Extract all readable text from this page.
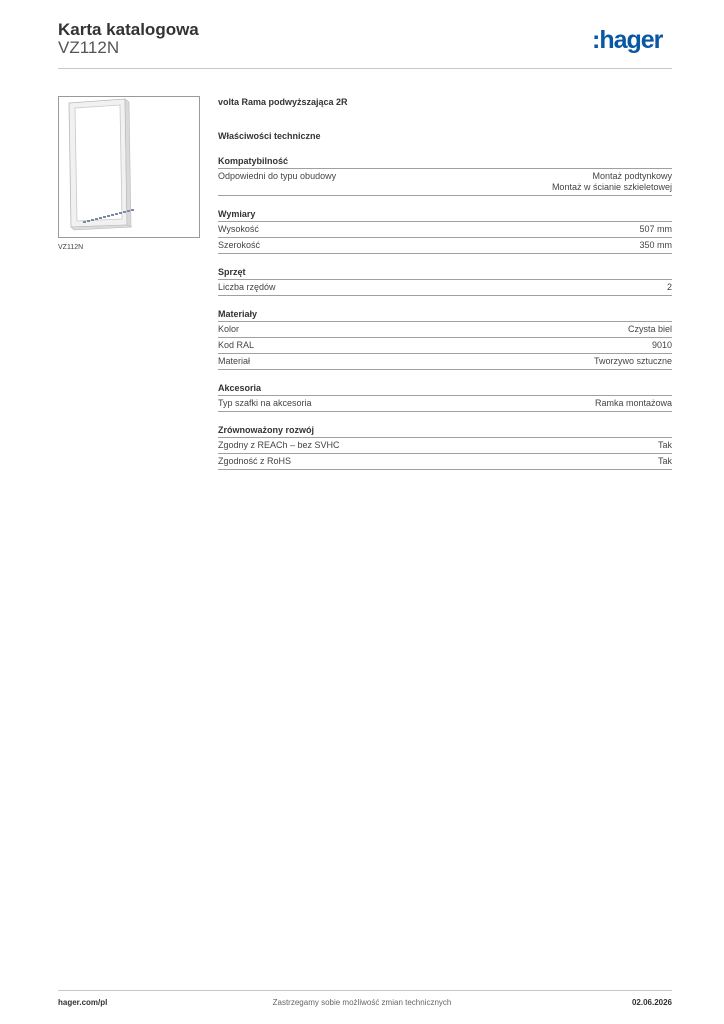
Karta katalogowa
VZ112N	:hager
VZ112N
volta Rama podwyższająca 2R
Właściwości techniczne
Kompatybilność
Odpowiedni do typu obudowy	Montaż podtynkowy
Montaż w ścianie szkieletowej
Wymiary
Wysokość	507 mm
Szerokość	350 mm
Sprzęt
Liczba rzędów	2
Materiały
Kolor	Czysta biel
Kod RAL	9010
Materiał	Tworzywo sztuczne
Akcesoria
Typ szafki na akcesoria	Ramka montażowa
Zrównoważony rozwój
Zgodny z REACh – bez SVHC	Tak
Zgodność z RoHS	Tak
hager.com/pl	Zastrzegamy sobie możliwość zmian technicznych	02.06.2026
